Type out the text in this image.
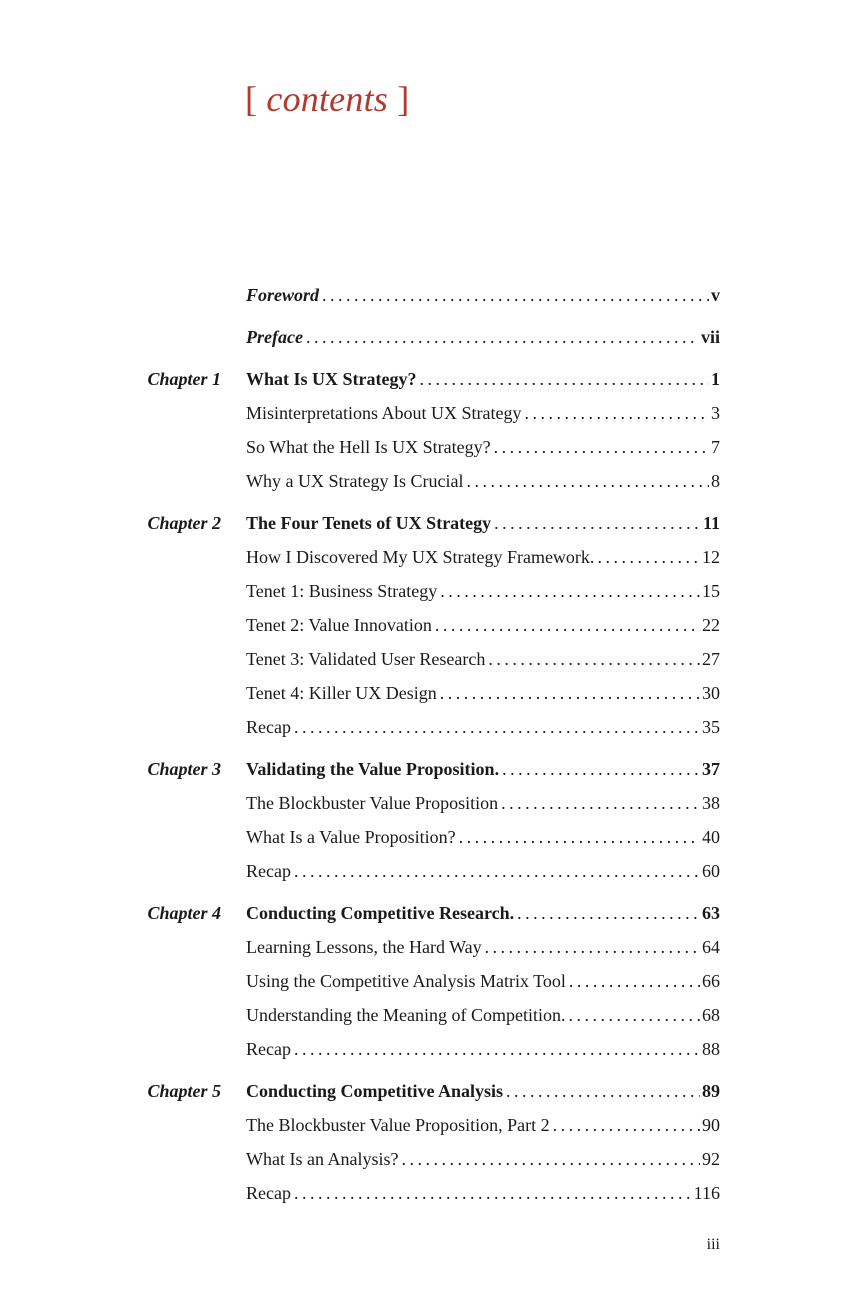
[ contents ]
Foreword . . .	v
Preface . . .	vii
Chapter 1 What Is UX Strategy? . . .	1
Misinterpretations About UX Strategy . . .	3
So What the Hell Is UX Strategy? . . .	7
Why a UX Strategy Is Crucial . . .	8
Chapter 2 The Four Tenets of UX Strategy . . .	11
How I Discovered My UX Strategy Framework. . . .	12
Tenet 1: Business Strategy . . .	15
Tenet 2: Value Innovation . . .	22
Tenet 3: Validated User Research . . .	27
Tenet 4: Killer UX Design . . .	30
Recap . . .	35
Chapter 3 Validating the Value Proposition. . . .	37
The Blockbuster Value Proposition . . .	38
What Is a Value Proposition? . . .	40
Recap . . .	60
Chapter 4 Conducting Competitive Research. . . .	63
Learning Lessons, the Hard Way . . .	64
Using the Competitive Analysis Matrix Tool . . .	66
Understanding the Meaning of Competition. . . .	68
Recap . . .	88
Chapter 5 Conducting Competitive Analysis . . .	89
The Blockbuster Value Proposition, Part 2 . . .	90
What Is an Analysis? . . .	92
Recap . . .	116
iii
